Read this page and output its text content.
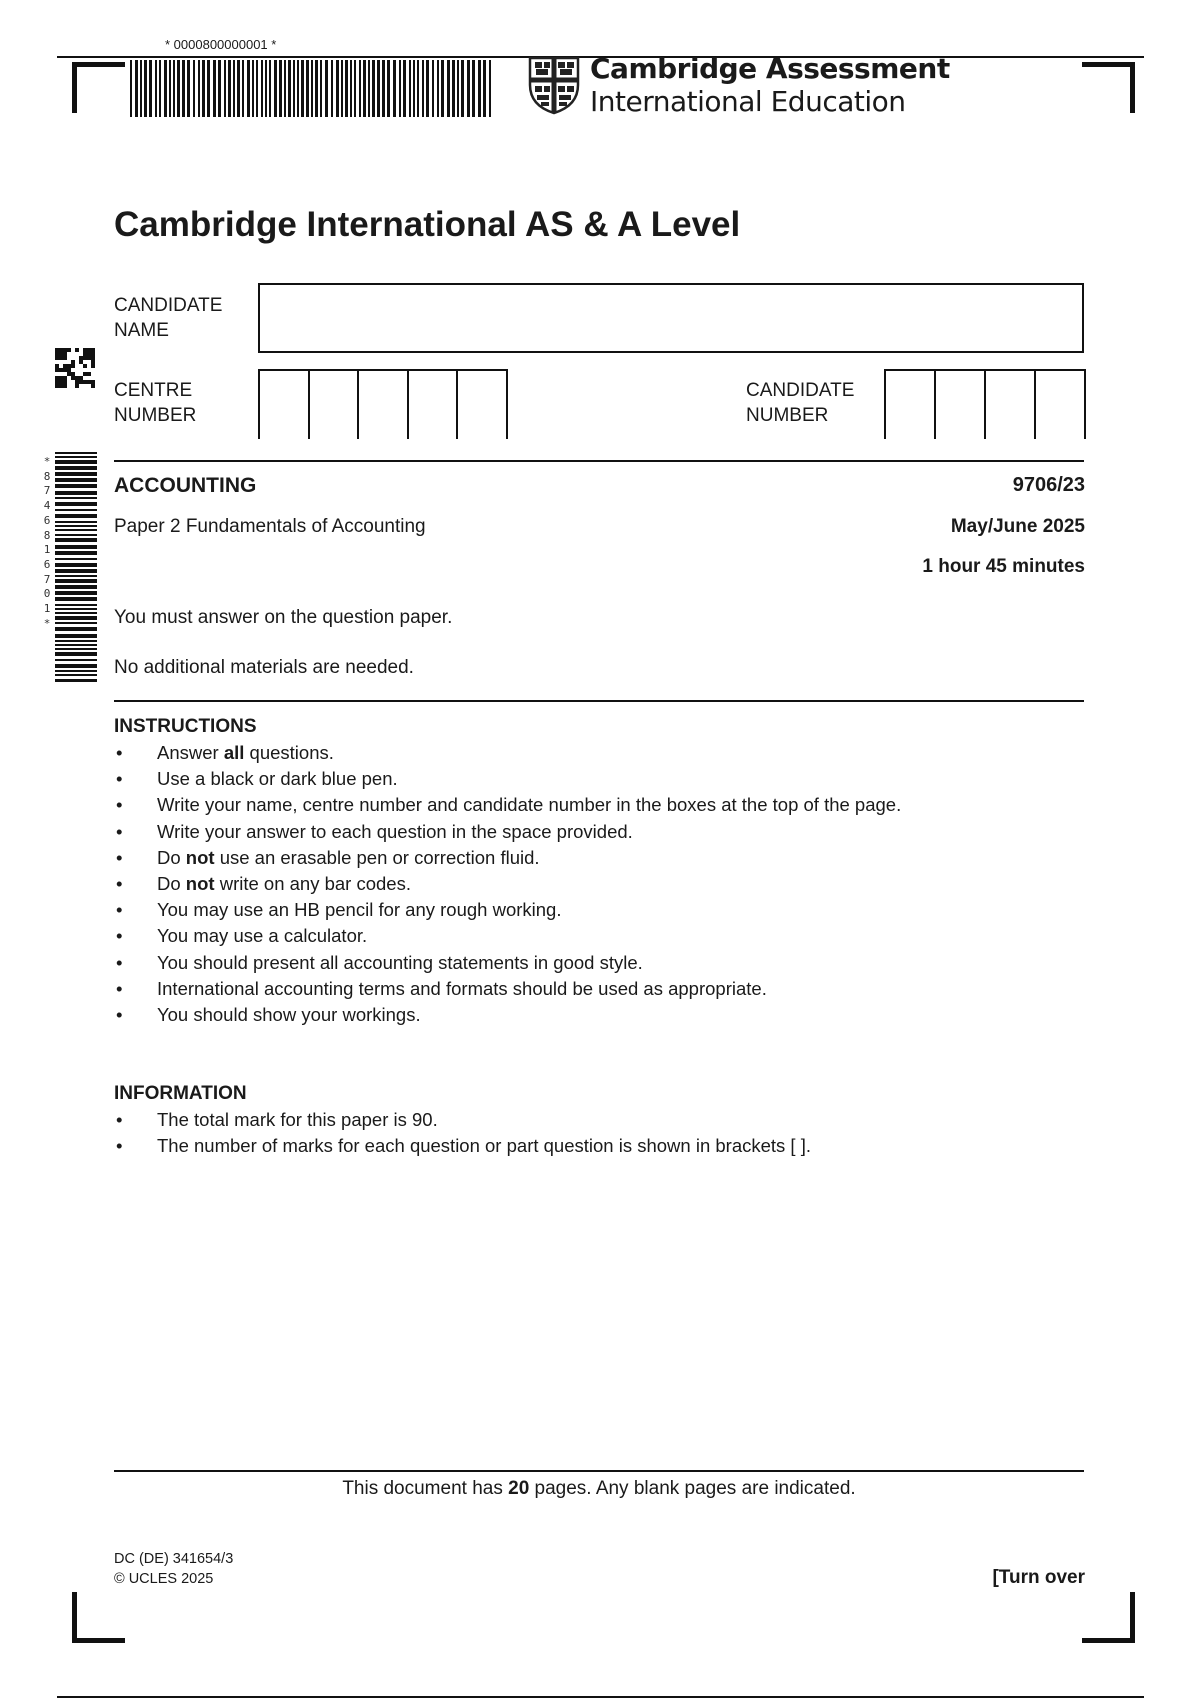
* 0000800000001 *
Cambridge Assessment
International Education
*
8
7
4
6
8
1
6
7
0
1
*
Cambridge International AS & A Level
CANDIDATE
NAME
CENTRE
NUMBER
CANDIDATE
NUMBER
ACCOUNTING	9706/23
Paper 2 Fundamentals of Accounting	May/June 2025
1 hour 45 minutes
You must answer on the question paper.
No additional materials are needed.
INSTRUCTIONS
• Answer all questions.
• Use a black or dark blue pen.
• Write your name, centre number and candidate number in the boxes at the top of the page.
• Write your answer to each question in the space provided.
• Do not use an erasable pen or correction fluid.
• Do not write on any bar codes.
• You may use an HB pencil for any rough working.
• You may use a calculator.
• You should present all accounting statements in good style.
• International accounting terms and formats should be used as appropriate.
• You should show your workings.
INFORMATION
• The total mark for this paper is 90.
• The number of marks for each question or part question is shown in brackets [ ].
This document has 20 pages. Any blank pages are indicated.
DC (DE) 341654/3
© UCLES 2025	[Turn over
